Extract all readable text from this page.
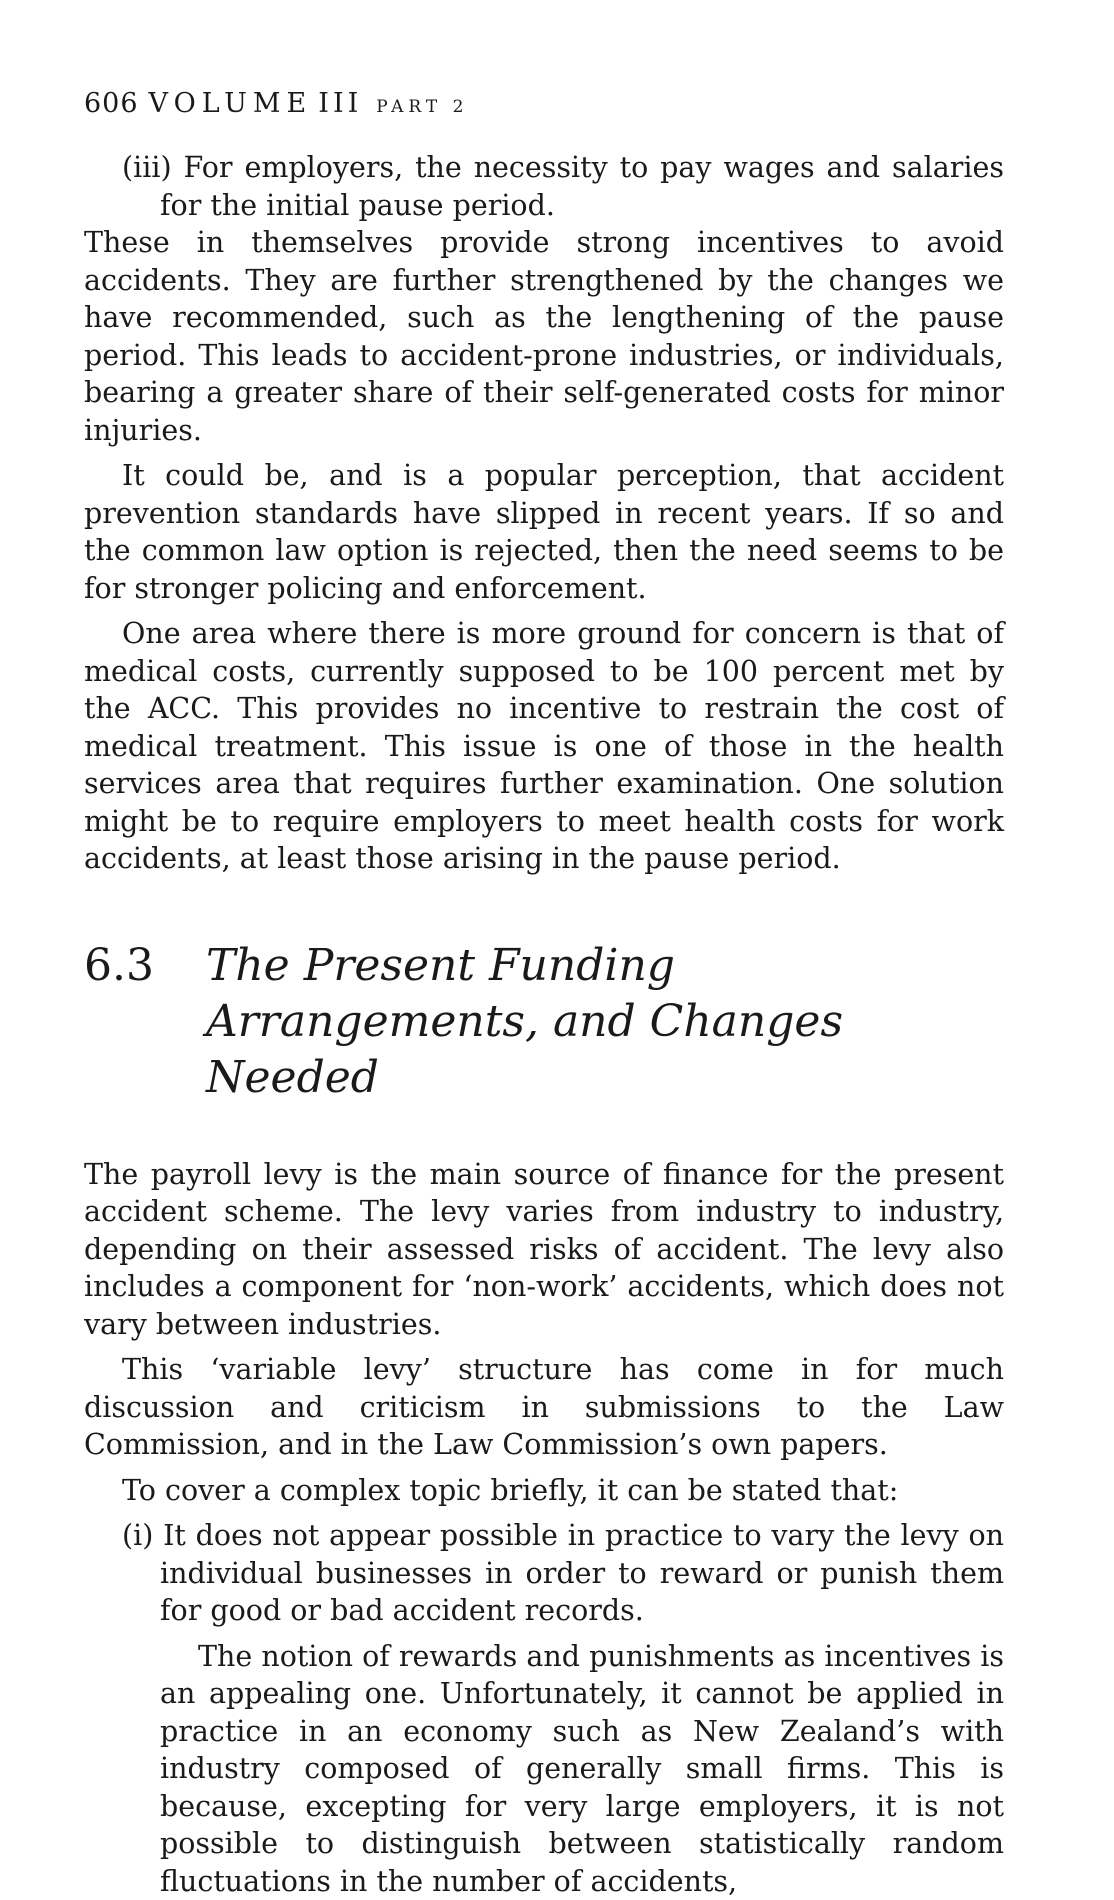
606 VOLUME III PART 2

(iii) For employers, the necessity to pay wages and salaries for the initial pause period.

These in themselves provide strong incentives to avoid accidents. They are further strengthened by the changes we have recommended, such as the lengthening of the pause period. This leads to accident-prone industries, or individuals, bearing a greater share of their self-generated costs for minor injuries.

It could be, and is a popular perception, that accident prevention standards have slipped in recent years. If so and the common law option is rejected, then the need seems to be for stronger policing and enforcement.

One area where there is more ground for concern is that of medical costs, currently supposed to be 100 percent met by the ACC. This provides no incentive to restrain the cost of medical treatment. This issue is one of those in the health services area that requires further examination. One solution might be to require employers to meet health costs for work accidents, at least those arising in the pause period.

6.3	The Present Funding Arrangements, and Changes Needed

The payroll levy is the main source of finance for the present accident scheme. The levy varies from industry to industry, depending on their assessed risks of accident. The levy also includes a component for ‘non-work’ accidents, which does not vary between industries.

This ‘variable levy’ structure has come in for much discussion and criticism in submissions to the Law Commission, and in the Law Commission’s own papers.

To cover a complex topic briefly, it can be stated that:

(i) It does not appear possible in practice to vary the levy on individual businesses in order to reward or punish them for good or bad accident records.

The notion of rewards and punishments as incentives is an appealing one. Unfortunately, it cannot be applied in practice in an economy such as New Zealand’s with industry composed of generally small firms. This is because, excepting for very large employers, it is not possible to distinguish between statistically random fluctuations in the number of accidents,
